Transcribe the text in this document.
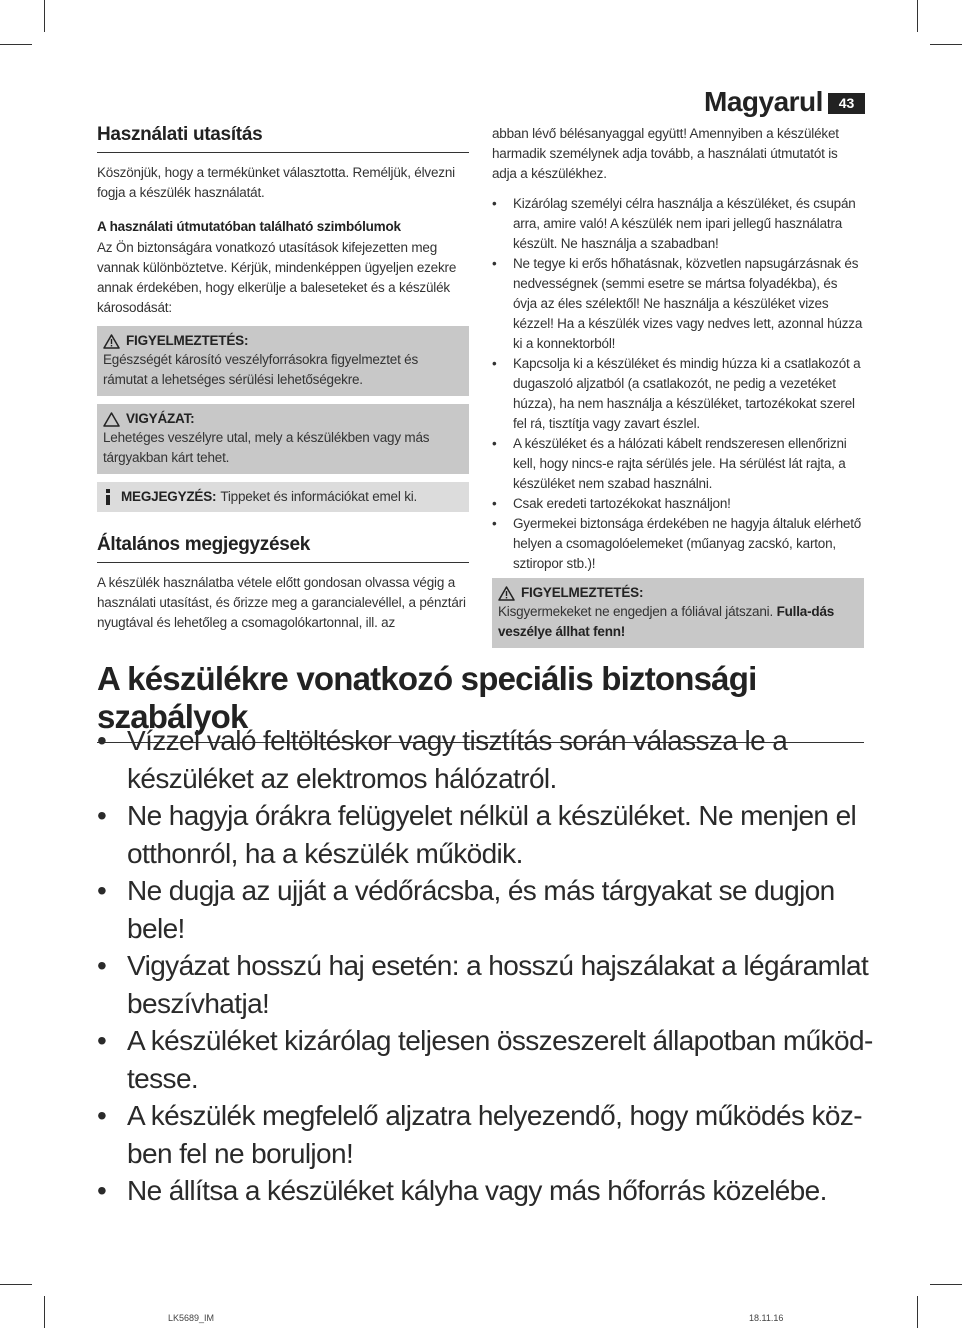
Magyarul	43
Használati utasítás
Köszönjük, hogy a termékünket választotta. Reméljük, élvezni fogja a készülék használatát.
A használati útmutatóban található szimbólumok
Az Ön biztonságára vonatkozó utasítások kifejezetten meg vannak különböztetve. Kérjük, mindenképpen ügyeljen ezekre annak érdekében, hogy elkerülje a baleseteket és a készülék károsodását:
FIGYELMEZTETÉS:
Egészségét károsító veszélyforrásokra figyelmeztet és rámutat a lehetséges sérülési lehetőségekre.
VIGYÁZAT:
Lehetéges veszélyre utal, mely a készülékben vagy más tárgyakban kárt tehet.
MEGJEGYZÉS: Tippeket és információkat emel ki.
Általános megjegyzések
A készülék használatba vétele előtt gondosan olvassa végig a használati utasítást, és őrizze meg a garancialevéllel, a pénztári nyugtával és lehetőleg a csomagolókartonnal, ill. az
abban lévő bélésanyaggal együtt! Amennyiben a készüléket harmadik személynek adja tovább, a használati útmutatót is adja a készülékhez.
• Kizárólag személyi célra használja a készüléket, és csupán arra, amire való! A készülék nem ipari jellegű használatra készült. Ne használja a szabadban!
• Ne tegye ki erős hőhatásnak, közvetlen napsugárzásnak és nedvességnek (semmi esetre se mártsa folyadékba), és óvja az éles szélektől! Ne használja a készüléket vizes kézzel! Ha a készülék vizes vagy nedves lett, azonnal húzza ki a konnektorból!
• Kapcsolja ki a készüléket és mindig húzza ki a csatlakozót a dugaszoló aljzatból (a csatlakozót, ne pedig a vezetéket húzza), ha nem használja a készüléket, tartozékokat szerel fel rá, tisztítja vagy zavart észlel.
• A készüléket és a hálózati kábelt rendszeresen ellenőrizni kell, hogy nincs-e rajta sérülés jele. Ha sérülést lát rajta, a készüléket nem szabad használni.
• Csak eredeti tartozékokat használjon!
• Gyermekei biztonsága érdekében ne hagyja általuk elérhető helyen a csomagolóelemeket (műanyag zacskó, karton, sztiropor stb.)!
FIGYELMEZTETÉS:
Kisgyermekeket ne engedjen a fóliával játszani. Fulla-dás veszélye állhat fenn!
A készülékre vonatkozó speciális biztonsági szabályok
• Vízzel való feltöltéskor vagy tisztítás során válassza le a készüléket az elektromos hálózatról.
• Ne hagyja órákra felügyelet nélkül a készüléket. Ne menjen el otthonról, ha a készülék működik.
• Ne dugja az ujját a védőrácsba, és más tárgyakat se dugjon bele!
• Vigyázat hosszú haj esetén: a hosszú hajszálakat a légáramlat beszívhatja!
• A készüléket kizárólag teljesen összeszerelt állapotban működ-tesse.
• A készülék megfelelő aljzatra helyezendő, hogy működés köz-ben fel ne boruljon!
• Ne állítsa a készüléket kályha vagy más hőforrás közelébe.
LK5689_IM	18.11.16
